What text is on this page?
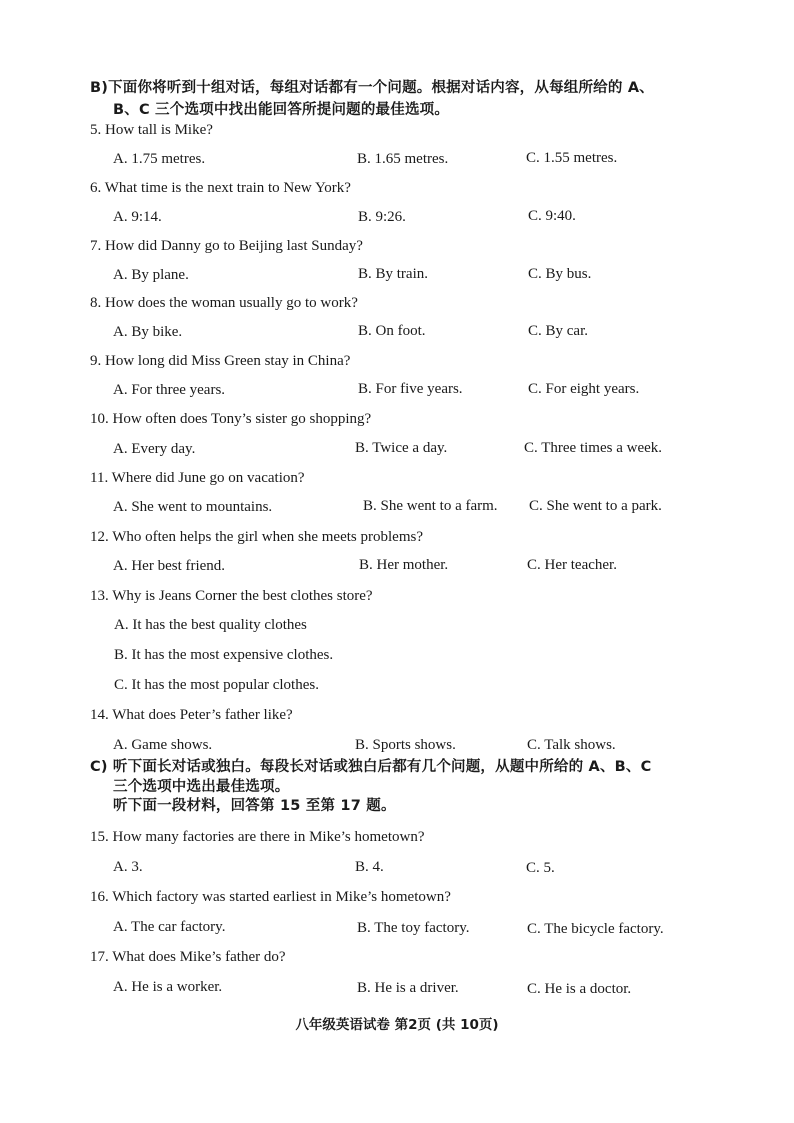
B)下面你将听到十组对话，每组对话都有一个问题。根据对话内容，从每组所给的 A、
B、C 三个选项中找出能回答所提问题的最佳选项。
5. How tall is Mike?
A. 1.75 metres.	B. 1.65 metres.	C. 1.55 metres.
6. What time is the next train to New York?
A. 9:14.	B. 9:26.	C. 9:40.
7. How did Danny go to Beijing last Sunday?
A. By plane.	B. By train.	C. By bus.
8. How does the woman usually go to work?
A. By bike.	B. On foot.	C. By car.
9. How long did Miss Green stay in China?
A. For three years.	B. For five years.	C. For eight years.
10. How often does Tony’s sister go shopping?
A. Every day.	B. Twice a day.	C. Three times a week.
11. Where did June go on vacation?
A. She went to mountains.	B. She went to a farm. C. She went to a park.
12. Who often helps the girl when she meets problems?
A. Her best friend.	B. Her mother.	C. Her teacher.
13. Why is Jeans Corner the best clothes store?
A. It has the best quality clothes
B. It has the most expensive clothes.
C. It has the most popular clothes.
14. What does Peter’s father like?
A. Game shows.	B. Sports shows.	C. Talk shows.
C) 听下面长对话或独白。每段长对话或独白后都有几个问题，从题中所给的 A、B、C
三个选项中选出最佳选项。
听下面一段材料，回答第 15 至第 17 题。
15. How many factories are there in Mike’s hometown?
A. 3.	B. 4.	C. 5.
16. Which factory was started earliest in Mike’s hometown?
A. The car factory.	B. The toy factory.	C. The bicycle factory.
17. What does Mike’s father do?
A. He is a worker.	B. He is a driver.	C. He is a doctor.
八年级英语试卷 第2页 (共 10页)
